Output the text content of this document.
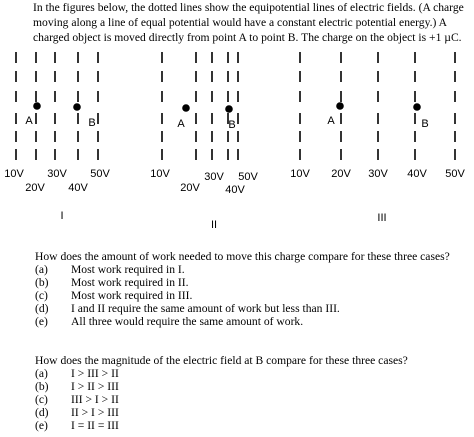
In the figures below, the dotted lines show the equipotential lines of electric fields. (A charge moving along a line of equal potential would have a constant electric potential energy.) A charged object is moved directly from point A to point B. The charge on the object is +1 µC.
A	B
10V
20V
30V
40V
50V
I
A	B
10V
20V
30V
40V
50V
II
A	B
10V 20V 30V 40V 50V
III
How does the amount of work needed to move this charge compare for these three cases?
(a) Most work required in I.
(b) Most work required in II.
(c) Most work required in III.
(d) I and II require the same amount of work but less than III.
(e) All three would require the same amount of work.
How does the magnitude of the electric field at B compare for these three cases?
(a) I > III > II
(b) I > II > III
(c) III > I > II
(d) II > I > III
(e) I = II = III
